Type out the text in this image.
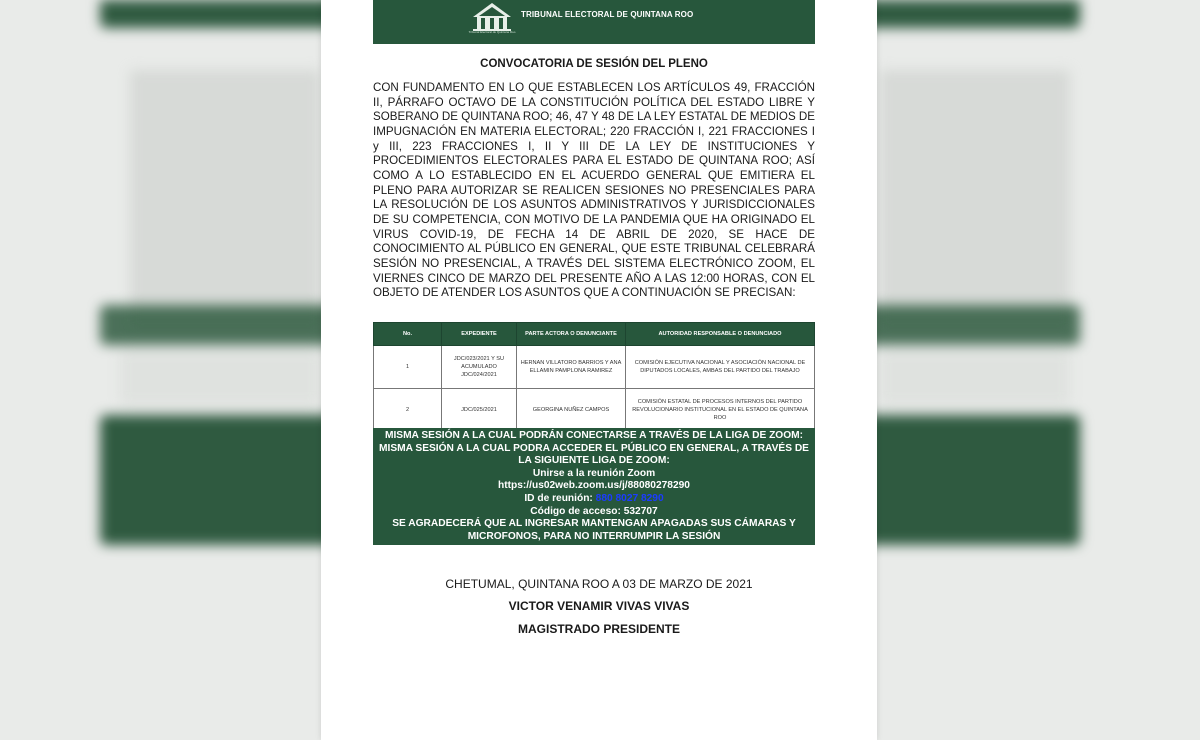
Tribunal Electoral de Quintana Roo
TRIBUNAL ELECTORAL DE QUINTANA ROO
CONVOCATORIA DE SESIÓN DEL PLENO
CON FUNDAMENTO EN LO QUE ESTABLECEN LOS ARTÍCULOS 49, FRACCIÓN II, PÁRRAFO OCTAVO DE LA CONSTITUCIÓN POLÍTICA DEL ESTADO LIBRE Y SOBERANO DE QUINTANA ROO; 46, 47 Y 48 DE LA LEY ESTATAL DE MEDIOS DE IMPUGNACIÓN EN MATERIA ELECTORAL; 220 FRACCIÓN I, 221 FRACCIONES I y III, 223 FRACCIONES I, II Y III DE LA LEY DE INSTITUCIONES Y PROCEDIMIENTOS ELECTORALES PARA EL ESTADO DE QUINTANA ROO; ASÍ COMO A LO ESTABLECIDO EN EL ACUERDO GENERAL QUE EMITIERA EL PLENO PARA AUTORIZAR SE REALICEN SESIONES NO PRESENCIALES PARA LA RESOLUCIÓN DE LOS ASUNTOS ADMINISTRATIVOS Y JURISDICCIONALES DE SU COMPETENCIA, CON MOTIVO DE LA PANDEMIA QUE HA ORIGINADO EL VIRUS COVID-19, DE FECHA 14 DE ABRIL DE 2020, SE HACE DE CONOCIMIENTO AL PÚBLICO EN GENERAL, QUE ESTE TRIBUNAL CELEBRARÁ SESIÓN NO PRESENCIAL, A TRAVÉS DEL SISTEMA ELECTRÓNICO ZOOM, EL VIERNES CINCO DE MARZO DEL PRESENTE AÑO A LAS 12:00 HORAS, CON EL OBJETO DE ATENDER LOS ASUNTOS QUE A CONTINUACIÓN SE PRECISAN:
No.	EXPEDIENTE	PARTE ACTORA O DENUNCIANTE	AUTORIDAD RESPONSABLE O DENUNCIADO
1	JDC/023/2021 Y SU ACUMULADO JDC/024/2021	HERNAN VILLATORO BARRIOS Y ANA ELLAMIN PAMPLONA RAMIREZ	COMISIÓN EJECUTIVA NACIONAL Y ASOCIACIÓN NACIONAL DE DIPUTADOS LOCALES, AMBAS DEL PARTIDO DEL TRABAJO
2	JDC/025/2021	GEORGINA NUÑEZ CAMPOS	COMISIÓN ESTATAL DE PROCESOS INTERNOS DEL PARTIDO REVOLUCIONARIO INSTITUCIONAL EN EL ESTADO DE QUINTANA ROO
MISMA SESIÓN A LA CUAL PODRÁN CONECTARSE A TRAVÉS DE LA LIGA DE ZOOM:
MISMA SESIÓN A LA CUAL PODRA ACCEDER EL PÚBLICO EN GENERAL, A TRAVÉS DE LA SIGUIENTE LIGA DE ZOOM:
Unirse a la reunión Zoom
https://us02web.zoom.us/j/88080278290
ID de reunión: 880 8027 8290
Código de acceso: 532707
SE AGRADECERÁ QUE AL INGRESAR MANTENGAN APAGADAS SUS CÁMARAS Y MICROFONOS, PARA NO INTERRUMPIR LA SESIÓN
CHETUMAL, QUINTANA ROO A 03 DE MARZO DE 2021
VICTOR VENAMIR VIVAS VIVAS
MAGISTRADO PRESIDENTE
